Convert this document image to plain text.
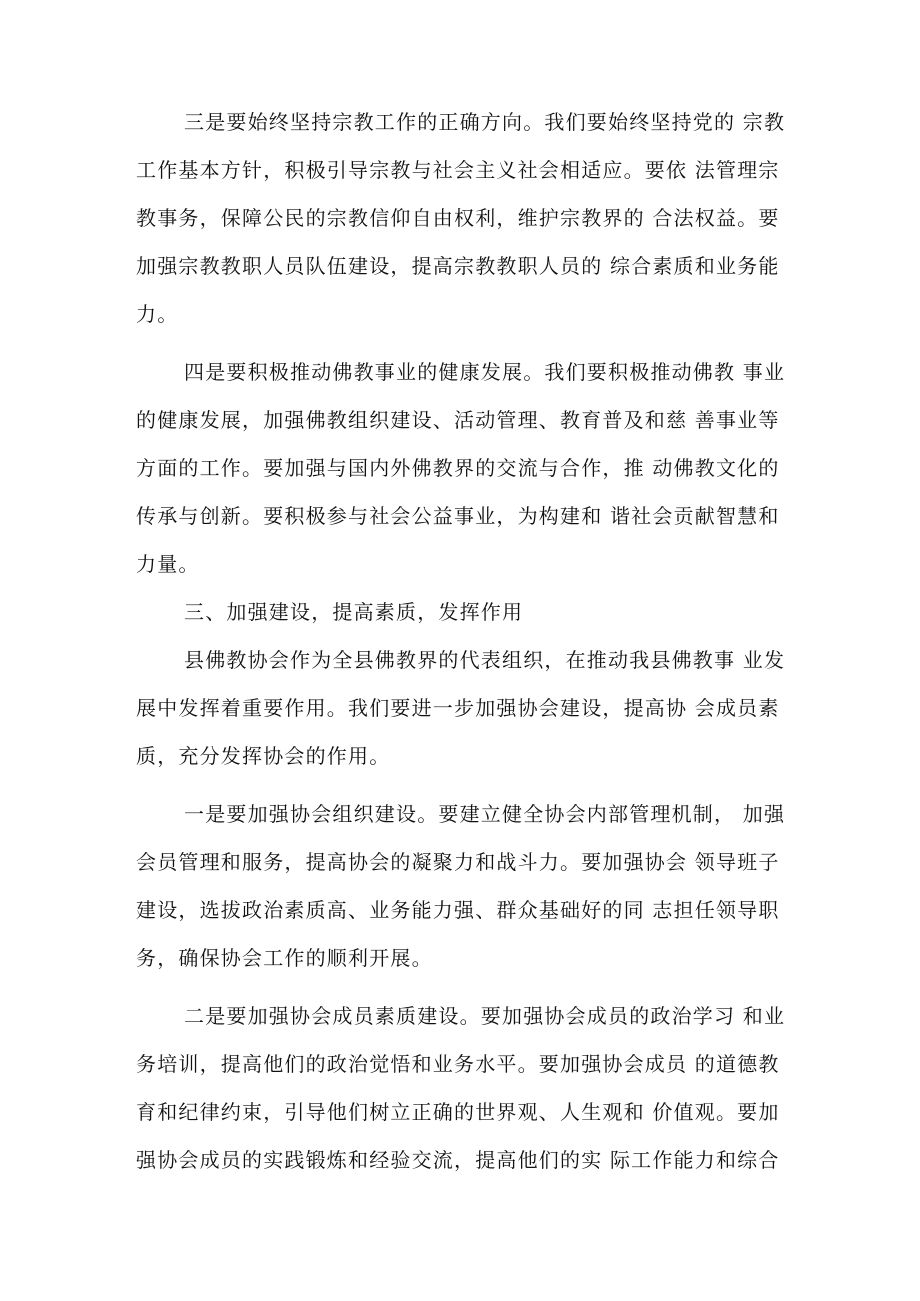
三是要始终坚持宗教工作的正确方向。我们要始终坚持党的 宗教
工作基本方针，积极引导宗教与社会主义社会相适应。要依 法管理宗
教事务，保障公民的宗教信仰自由权利，维护宗教界的 合法权益。要
加强宗教教职人员队伍建设，提高宗教教职人员的 综合素质和业务能
力。
四是要积极推动佛教事业的健康发展。我们要积极推动佛教 事业
的健康发展，加强佛教组织建设、活动管理、教育普及和慈 善事业等
方面的工作。要加强与国内外佛教界的交流与合作，推 动佛教文化的
传承与创新。要积极参与社会公益事业，为构建和 谐社会贡献智慧和
力量。
三、加强建设，提高素质，发挥作用
县佛教协会作为全县佛教界的代表组织，在推动我县佛教事 业发
展中发挥着重要作用。我们要进一步加强协会建设，提高协 会成员素
质，充分发挥协会的作用。
一是要加强协会组织建设。要建立健全协会内部管理机制， 加强
会员管理和服务，提高协会的凝聚力和战斗力。要加强协会 领导班子
建设，选拔政治素质高、业务能力强、群众基础好的同 志担任领导职
务，确保协会工作的顺利开展。
二是要加强协会成员素质建设。要加强协会成员的政治学习 和业
务培训，提高他们的政治觉悟和业务水平。要加强协会成员 的道德教
育和纪律约束，引导他们树立正确的世界观、人生观和 价值观。要加
强协会成员的实践锻炼和经验交流，提高他们的实 际工作能力和综合
